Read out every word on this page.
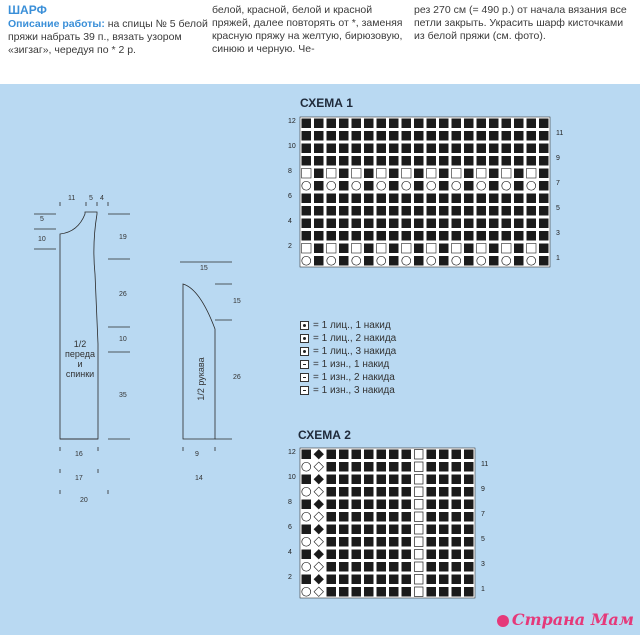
ШАРФ
Описание работы: на спицы № 5 белой пряжи набрать 39 п., вязать узором «зигзаг», чередуя по * 2 р.
белой, красной, белой и красной пряжей, далее повторять от *, заменяя красную пряжу на желтую, бирюзовую, синюю и черную. Че-
рез 270 см (= 490 р.) от начала вязания все петли закрыть. Украсить шарф кисточками из белой пряжи (см. фото).
11 5 4
5
10	19
26
10
35
1/2 переда и спинки
16
17
20
15
15
26
1/2 рукава
9
14
СХЕМА 1
СХЕМА 2
12
10
8
6
4
2
11
9
7
5
3
1
12
10
8
6
4
2
11
9
7
5
3
1
= 1 лиц., 1 накид
= 1 лиц., 2 накида
= 1 лиц., 3 накида
= 1 изн., 1 накид
= 1 изн., 2 накида
= 1 изн., 3 накида
Страна Мам
